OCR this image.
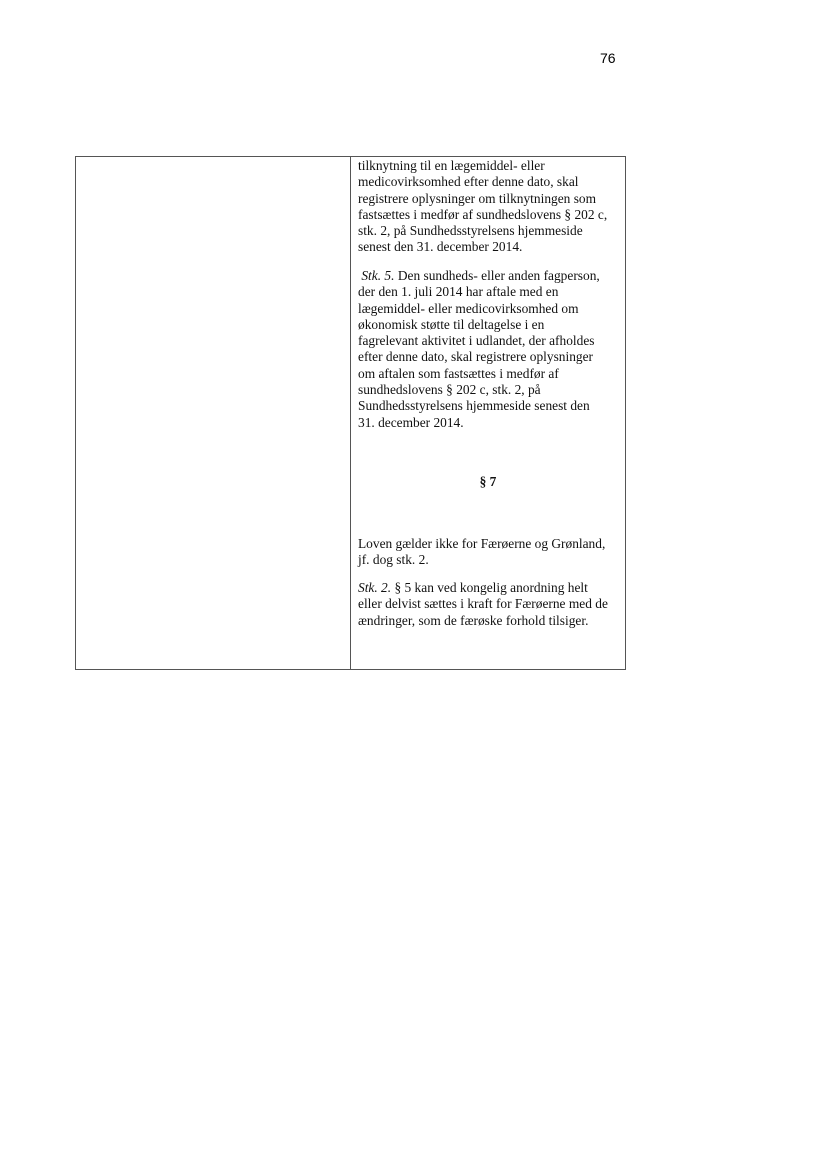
76

tilknytning til en lægemiddel- eller
medicovirksomhed efter denne dato, skal
registrere oplysninger om tilknytningen som
fastsættes i medfør af sundhedslovens § 202 c,
stk. 2, på Sundhedsstyrelsens hjemmeside
senest den 31. december 2014.

Stk. 5. Den sundheds- eller anden fagperson,
der den 1. juli 2014 har aftale med en
lægemiddel- eller medicovirksomhed om
økonomisk støtte til deltagelse i en
fagrelevant aktivitet i udlandet, der afholdes
efter denne dato, skal registrere oplysninger
om aftalen som fastsættes i medfør af
sundhedslovens § 202 c, stk. 2, på
Sundhedsstyrelsens hjemmeside senest den
31. december 2014.

§ 7

Loven gælder ikke for Færøerne og Grønland,
jf. dog stk. 2.

Stk. 2. § 5 kan ved kongelig anordning helt
eller delvist sættes i kraft for Færøerne med de
ændringer, som de færøske forhold tilsiger.
